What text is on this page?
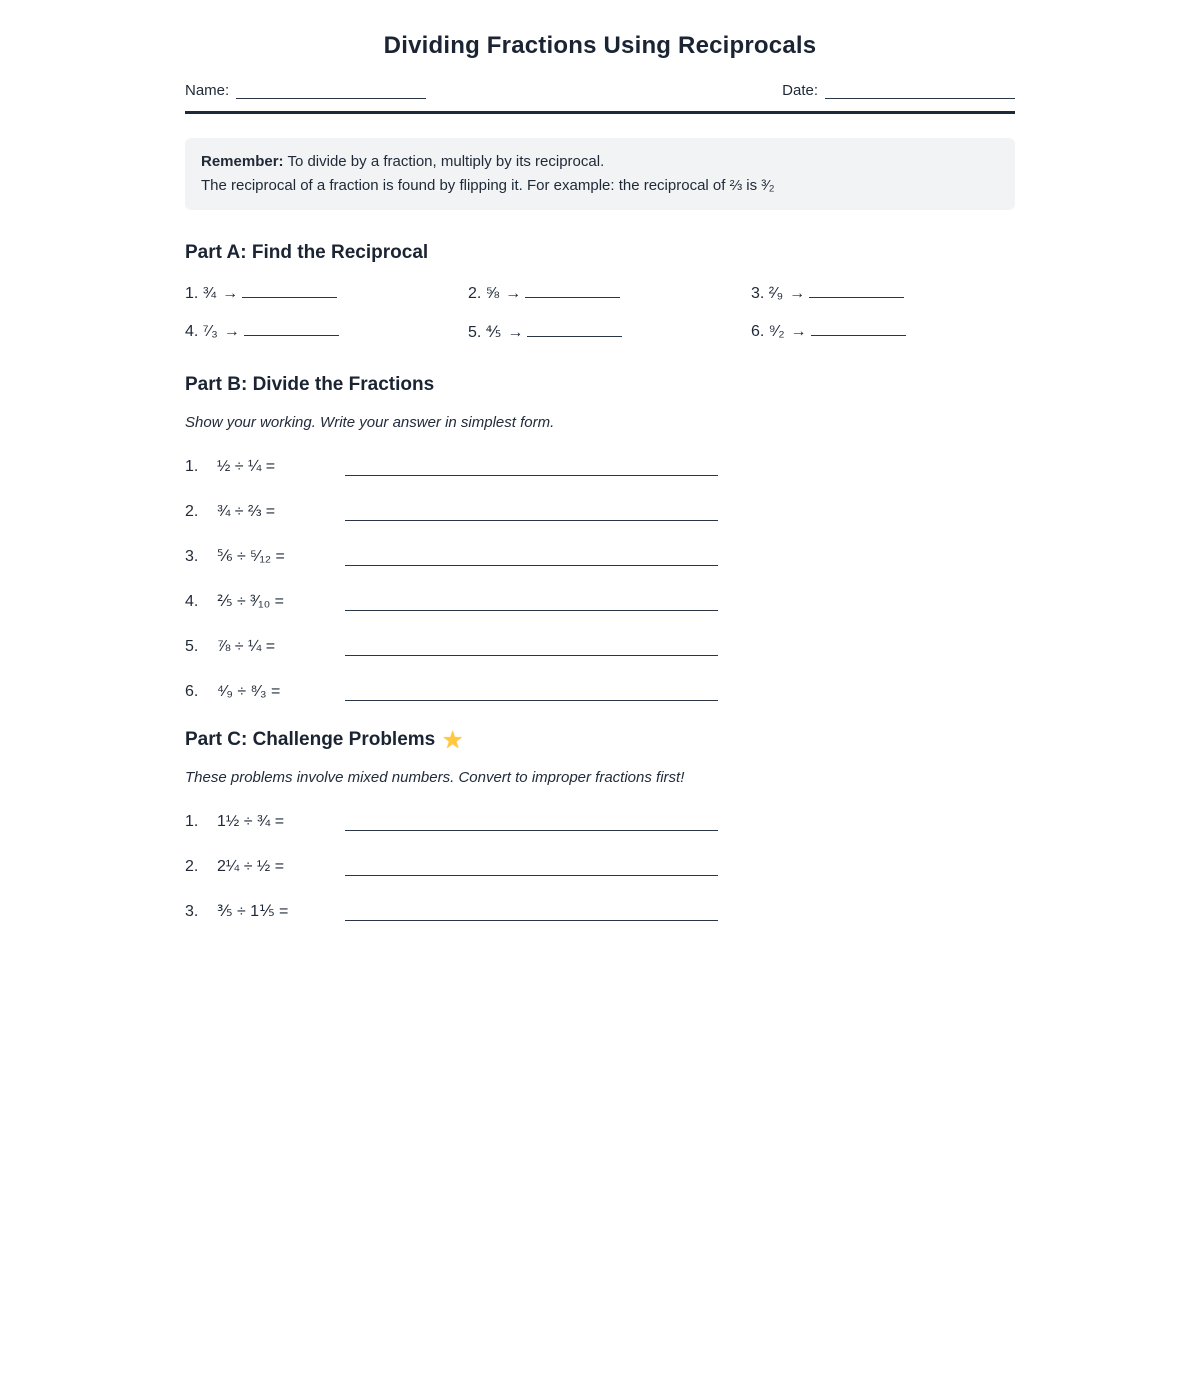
Dividing Fractions Using Reciprocals
Name:	Date:

Remember: To divide by a fraction, multiply by its reciprocal.

The reciprocal of a fraction is found by flipping it. For example: the reciprocal of ⅔ is ³⁄₂

Part A: Find the Reciprocal
1. ¾ →	2. ⅝ →	3. ²⁄₉ →
4. ⁷⁄₃ →	5. ⅘ →	6. ⁹⁄₂ →
Part B: Divide the Fractions

Show your working. Write your answer in simplest form.

1.	½ ÷ ¼ =
2.	¾ ÷ ⅔ =
3.	⅚ ÷ ⁵⁄₁₂ =
4.	⅖ ÷ ³⁄₁₀ =
5.	⅞ ÷ ¼ =
6.	⁴⁄₉ ÷ ⁸⁄₃ =
Part C: Challenge Problems ★

These problems involve mixed numbers. Convert to improper fractions first!

1.	1½ ÷ ¾ =
2.	2¼ ÷ ½ =
3.	⅗ ÷ 1⅕ =
